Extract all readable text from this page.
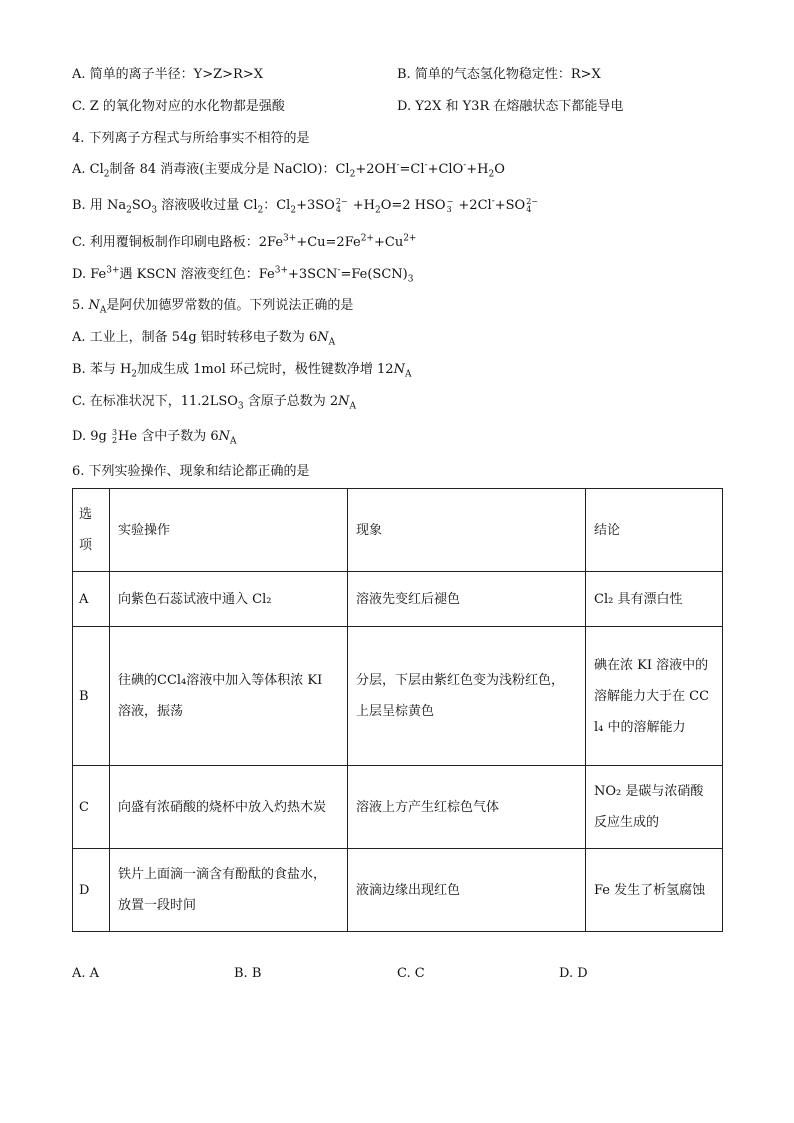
A. 简单的离子半径：Y>Z>R>X	B. 简单的气态氢化物稳定性：R>X
C. Z 的氧化物对应的水化物都是强酸	D. Y2X 和 Y3R 在熔融状态下都能导电
4. 下列离子方程式与所给事实不相符的是
A. $Cl_2$制备 84 消毒液(主要成分是 NaClO)：$Cl_2+2OH^-=Cl^-+ClO^-+H_2O$
B. 用 $Na_2SO_3$ 溶液吸收过量 $Cl_2$：$Cl_2+3SO$ 2−
$4 +H_2O=2$ HSO −
3 +2Cl-+SO 2−
4
C. 利用覆铜板制作印刷电路板：$2Fe^{3+}+Cu=2Fe^{2+}+Cu^{2+}$
D. $Fe^{3+}$遇 KSCN 溶液变红色：$Fe^{3+}+3SCN^-=Fe(SCN)_3$
5. $N_A$是阿伏加德罗常数的值。下列说法正确的是
A. 工业上，制备 54g 铝时转移电子数为 $6N_A$
B. 苯与 $H_2$加成生成 1mol 环己烷时，极性键数净增 $12N_A$
C. 在标准状况下，$11.2LSO_3$ 含原子总数为 $2N_A$
D. 9g 3
2 He 含中子数为 $6N_A$
6. 下列实验操作、现象和结论都正确的是
选项	实验操作	现象	结论
A	向紫色石蕊试液中通入 Cl₂	溶液先变红后褪色	Cl₂ 具有漂白性
B	往碘的CCl₄溶液中加入等体积浓 KI 溶液，振荡	分层，下层由紫红色变为浅粉红色，上层呈棕黄色	碘在浓 KI 溶液中的溶解能力大于在 CCl₄ 中的溶解能力
C	向盛有浓硝酸的烧杯中放入灼热木炭	溶液上方产生红棕色气体	NO₂ 是碳与浓硝酸反应生成的
D	铁片上面滴一滴含有酚酞的食盐水，放置一段时间	液滴边缘出现红色	Fe 发生了析氢腐蚀
A. A	B. B	C. C	D. D
